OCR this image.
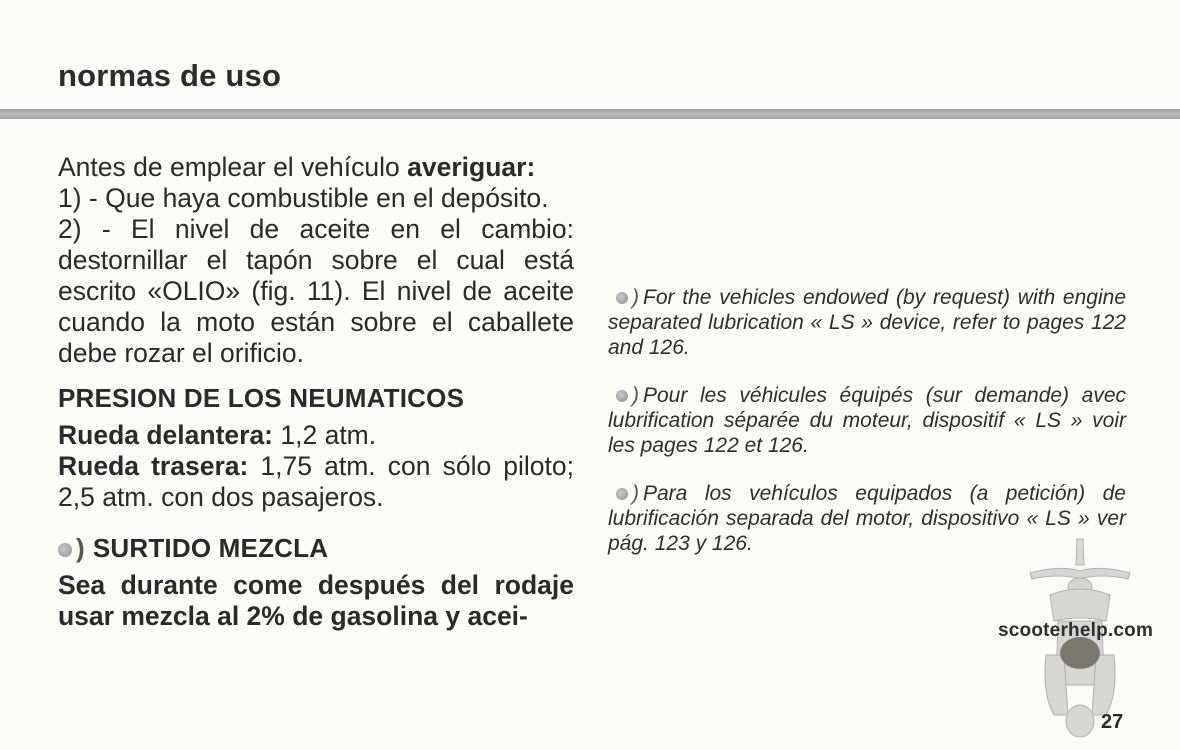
normas de uso

Antes de emplear el vehículo averiguar:

1) - Que haya combustible en el depósito.

2) - El nivel de aceite en el cambio: destornillar el tapón sobre el cual está escrito «OLIO» (fig. 11). El nivel de aceite cuando la moto están sobre el caballete debe rozar el orificio.

PRESION DE LOS NEUMATICOS

Rueda delantera: 1,2 atm.

Rueda trasera: 1,75 atm. con sólo piloto; 2,5 atm. con dos pasajeros.

) SURTIDO MEZCLA

Sea durante come después del rodaje usar mezcla al 2% de gasolina y acei-

) For the vehicles endowed (by request) with engine separated lubrication « LS » device, refer to pages 122 and 126.

) Pour les véhicules équipés (sur demande) avec lubrification séparée du moteur, dispositif « LS » voir les pages 122 et 126.

) Para los vehículos equipados (a petición) de lubrificación separada del motor, dispositivo « LS » ver pág. 123 y 126.

scooterhelp.com
27
